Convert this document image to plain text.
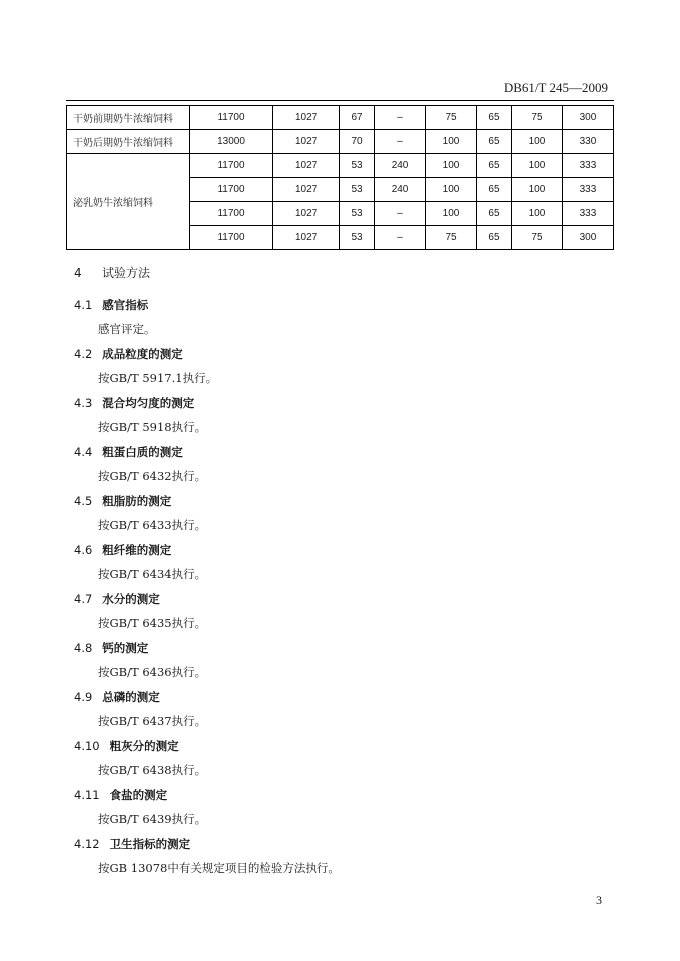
DB61/T 245—2009
干奶前期奶牛浓缩饲料	11700	1027	67	–	75	65	75	300
干奶后期奶牛浓缩饲料	13000	1027	70	–	100	65	100	330
泌乳奶牛浓缩饲料	11700	1027	53	240	100	65	100	333
	11700	1027	53	240	100	65	100	333
	11700	1027	53	–	100	65	100	333
	11700	1027	53	–	75	65	75	300
4 试验方法
4.1 感官指标
感官评定。
4.2 成品粒度的测定
按GB/T 5917.1执行。
4.3 混合均匀度的测定
按GB/T 5918执行。
4.4 粗蛋白质的测定
按GB/T 6432执行。
4.5 粗脂肪的测定
按GB/T 6433执行。
4.6 粗纤维的测定
按GB/T 6434执行。
4.7 水分的测定
按GB/T 6435执行。
4.8 钙的测定
按GB/T 6436执行。
4.9 总磷的测定
按GB/T 6437执行。
4.10 粗灰分的测定
按GB/T 6438执行。
4.11 食盐的测定
按GB/T 6439执行。
4.12 卫生指标的测定
按GB 13078中有关规定项目的检验方法执行。
3
